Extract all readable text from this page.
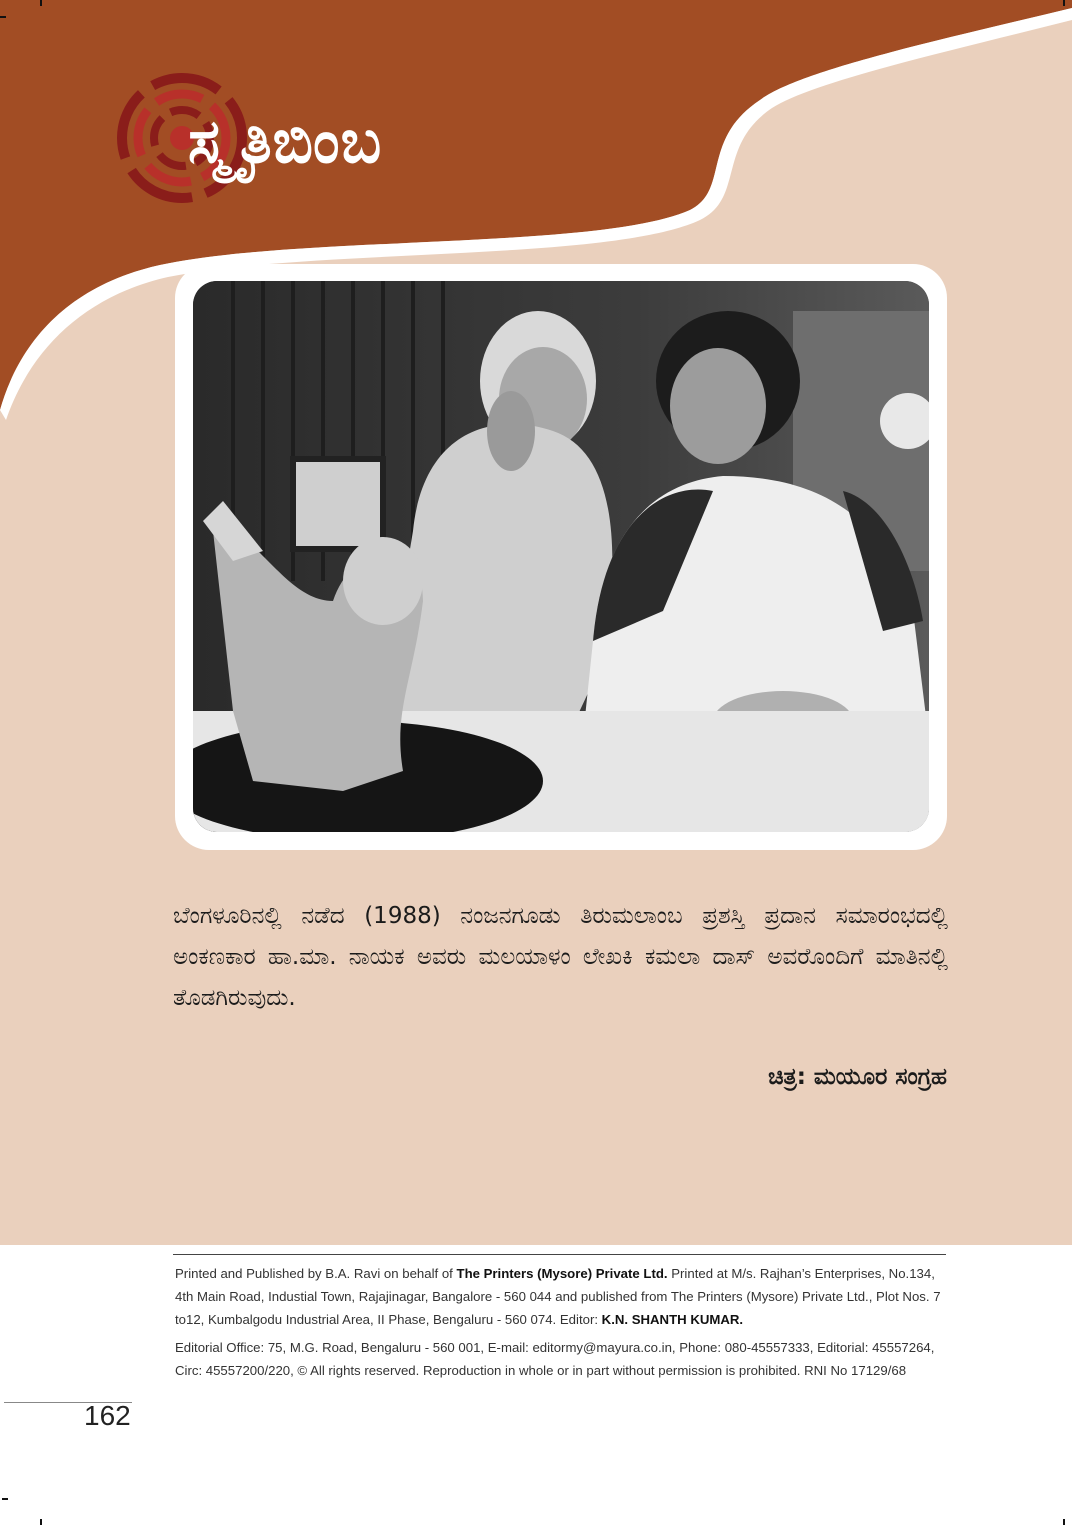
ಸ್ಮೃತಿಬಿಂಬ
ಬೆಂಗಳೂರಿನಲ್ಲಿ ನಡೆದ (1988) ನಂಜನಗೂಡು ತಿರುಮಲಾಂಬ ಪ್ರಶಸ್ತಿ ಪ್ರದಾನ ಸಮಾರಂಭದಲ್ಲಿ ಅಂಕಣಕಾರ ಹಾ.ಮಾ. ನಾಯಕ ಅವರು ಮಲಯಾಳಂ ಲೇಖಕಿ ಕಮಲಾ ದಾಸ್ ಅವರೊಂದಿಗೆ ಮಾತಿನಲ್ಲಿ ತೊಡಗಿರುವುದು.
ಚಿತ್ರ: ಮಯೂರ ಸಂಗ್ರಹ
Printed and Published by B.A. Ravi on behalf of The Printers (Mysore) Private Ltd. Printed at M/s. Rajhan’s Enterprises, No.134, 4th Main Road, Industial Town, Rajajinagar, Bangalore - 560 044 and published from The Printers (Mysore) Private Ltd., Plot Nos. 7 to12, Kumbalgodu Industrial Area, II Phase, Bengaluru - 560 074. Editor: K.N. SHANTH KUMAR.
Editorial Office: 75, M.G. Road, Bengaluru - 560 001, E-mail: editormy@mayura.co.in, Phone: 080-45557333, Editorial: 45557264, Circ: 45557200/220, © All rights reserved. Reproduction in whole or in part without permission is prohibited. RNI No 17129/68
162
